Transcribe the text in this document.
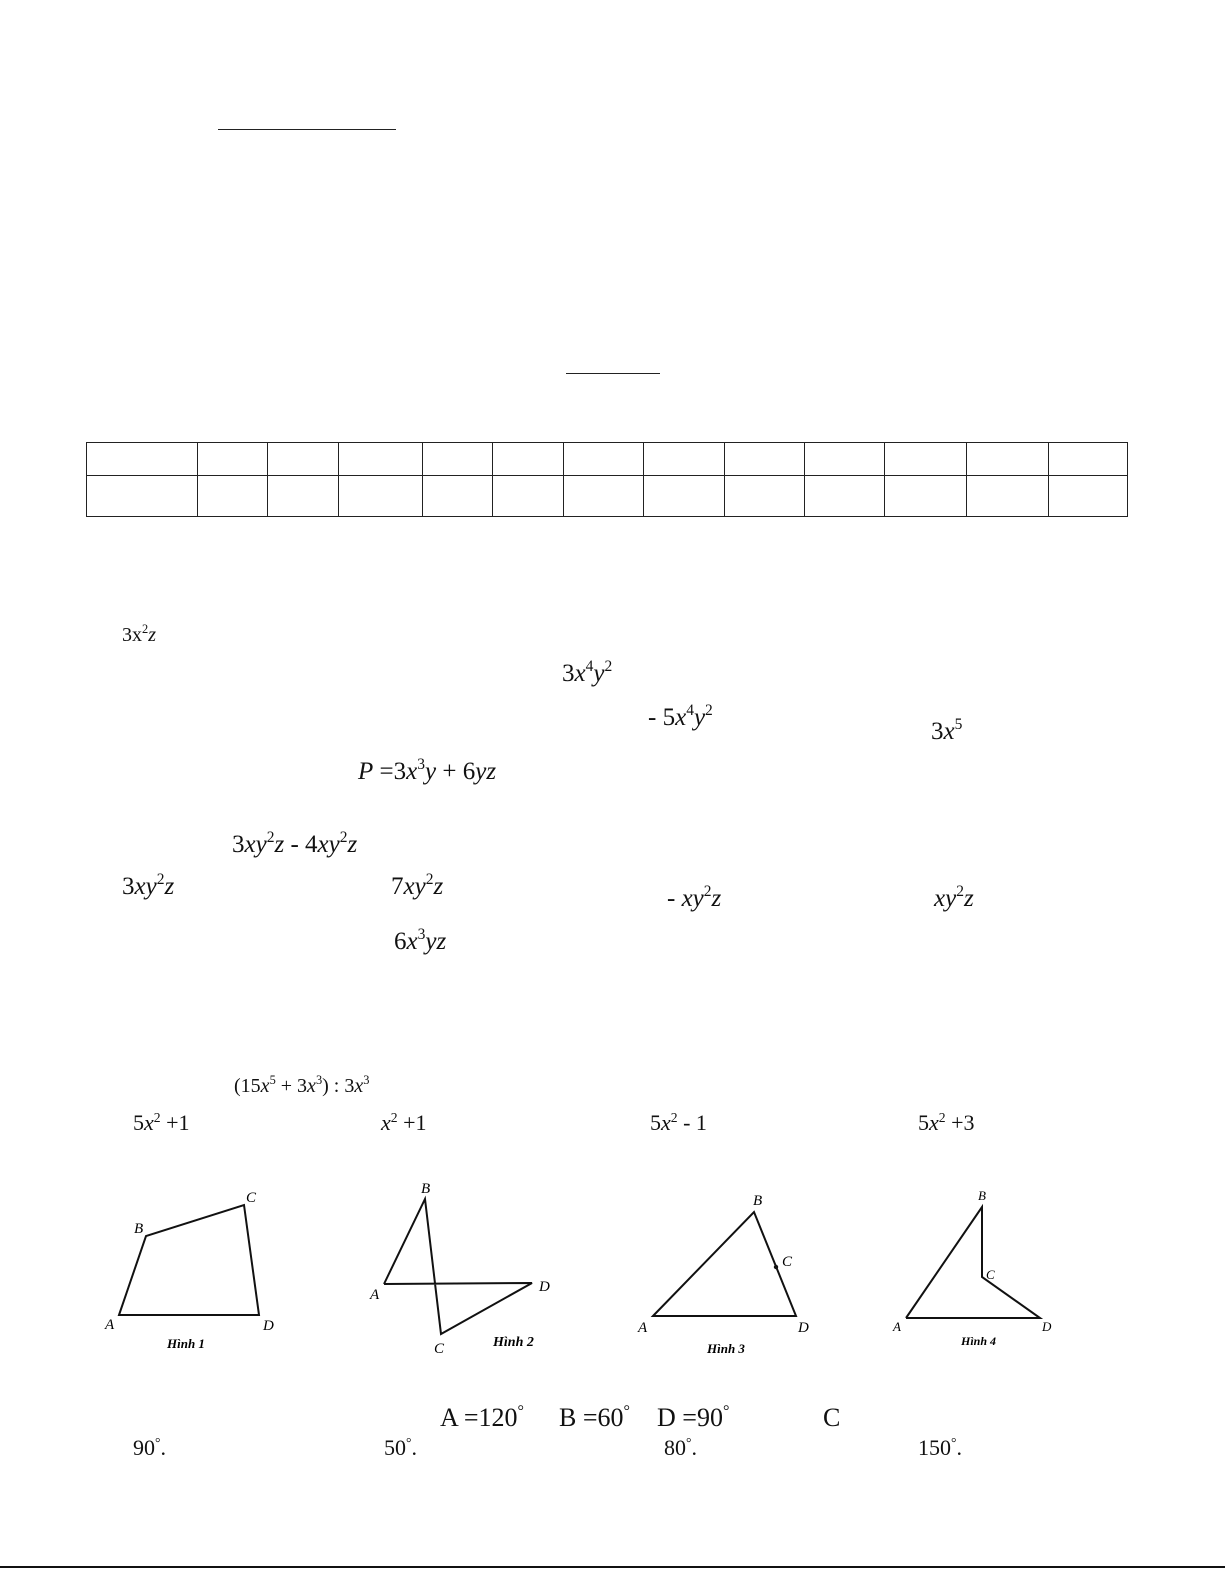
$3x^2z$
$3x^4y^2$
- $5x^4y^2$
$3x^5$
$P =3x^3y + 6yz$
$3xy^2z - 4xy^2z$
$3xy^2z$	$7xy^2z$	- $xy^2z$	$xy^2z$
$6x^3yz$
$(15x^5 + 3x^3)$ : $3x^3$
$5x^2 +1$	$x^2 +1$	$5x^2 - 1$	$5x^2 +3$
A
B
C
D
Hình 1
A
B
C
D
Hình 2
A
B
C
D
Hình 3
A
B
C
D
Hình 4
A =120° B =60° D =90°	C
90°.	50°.	80°.	150°.
